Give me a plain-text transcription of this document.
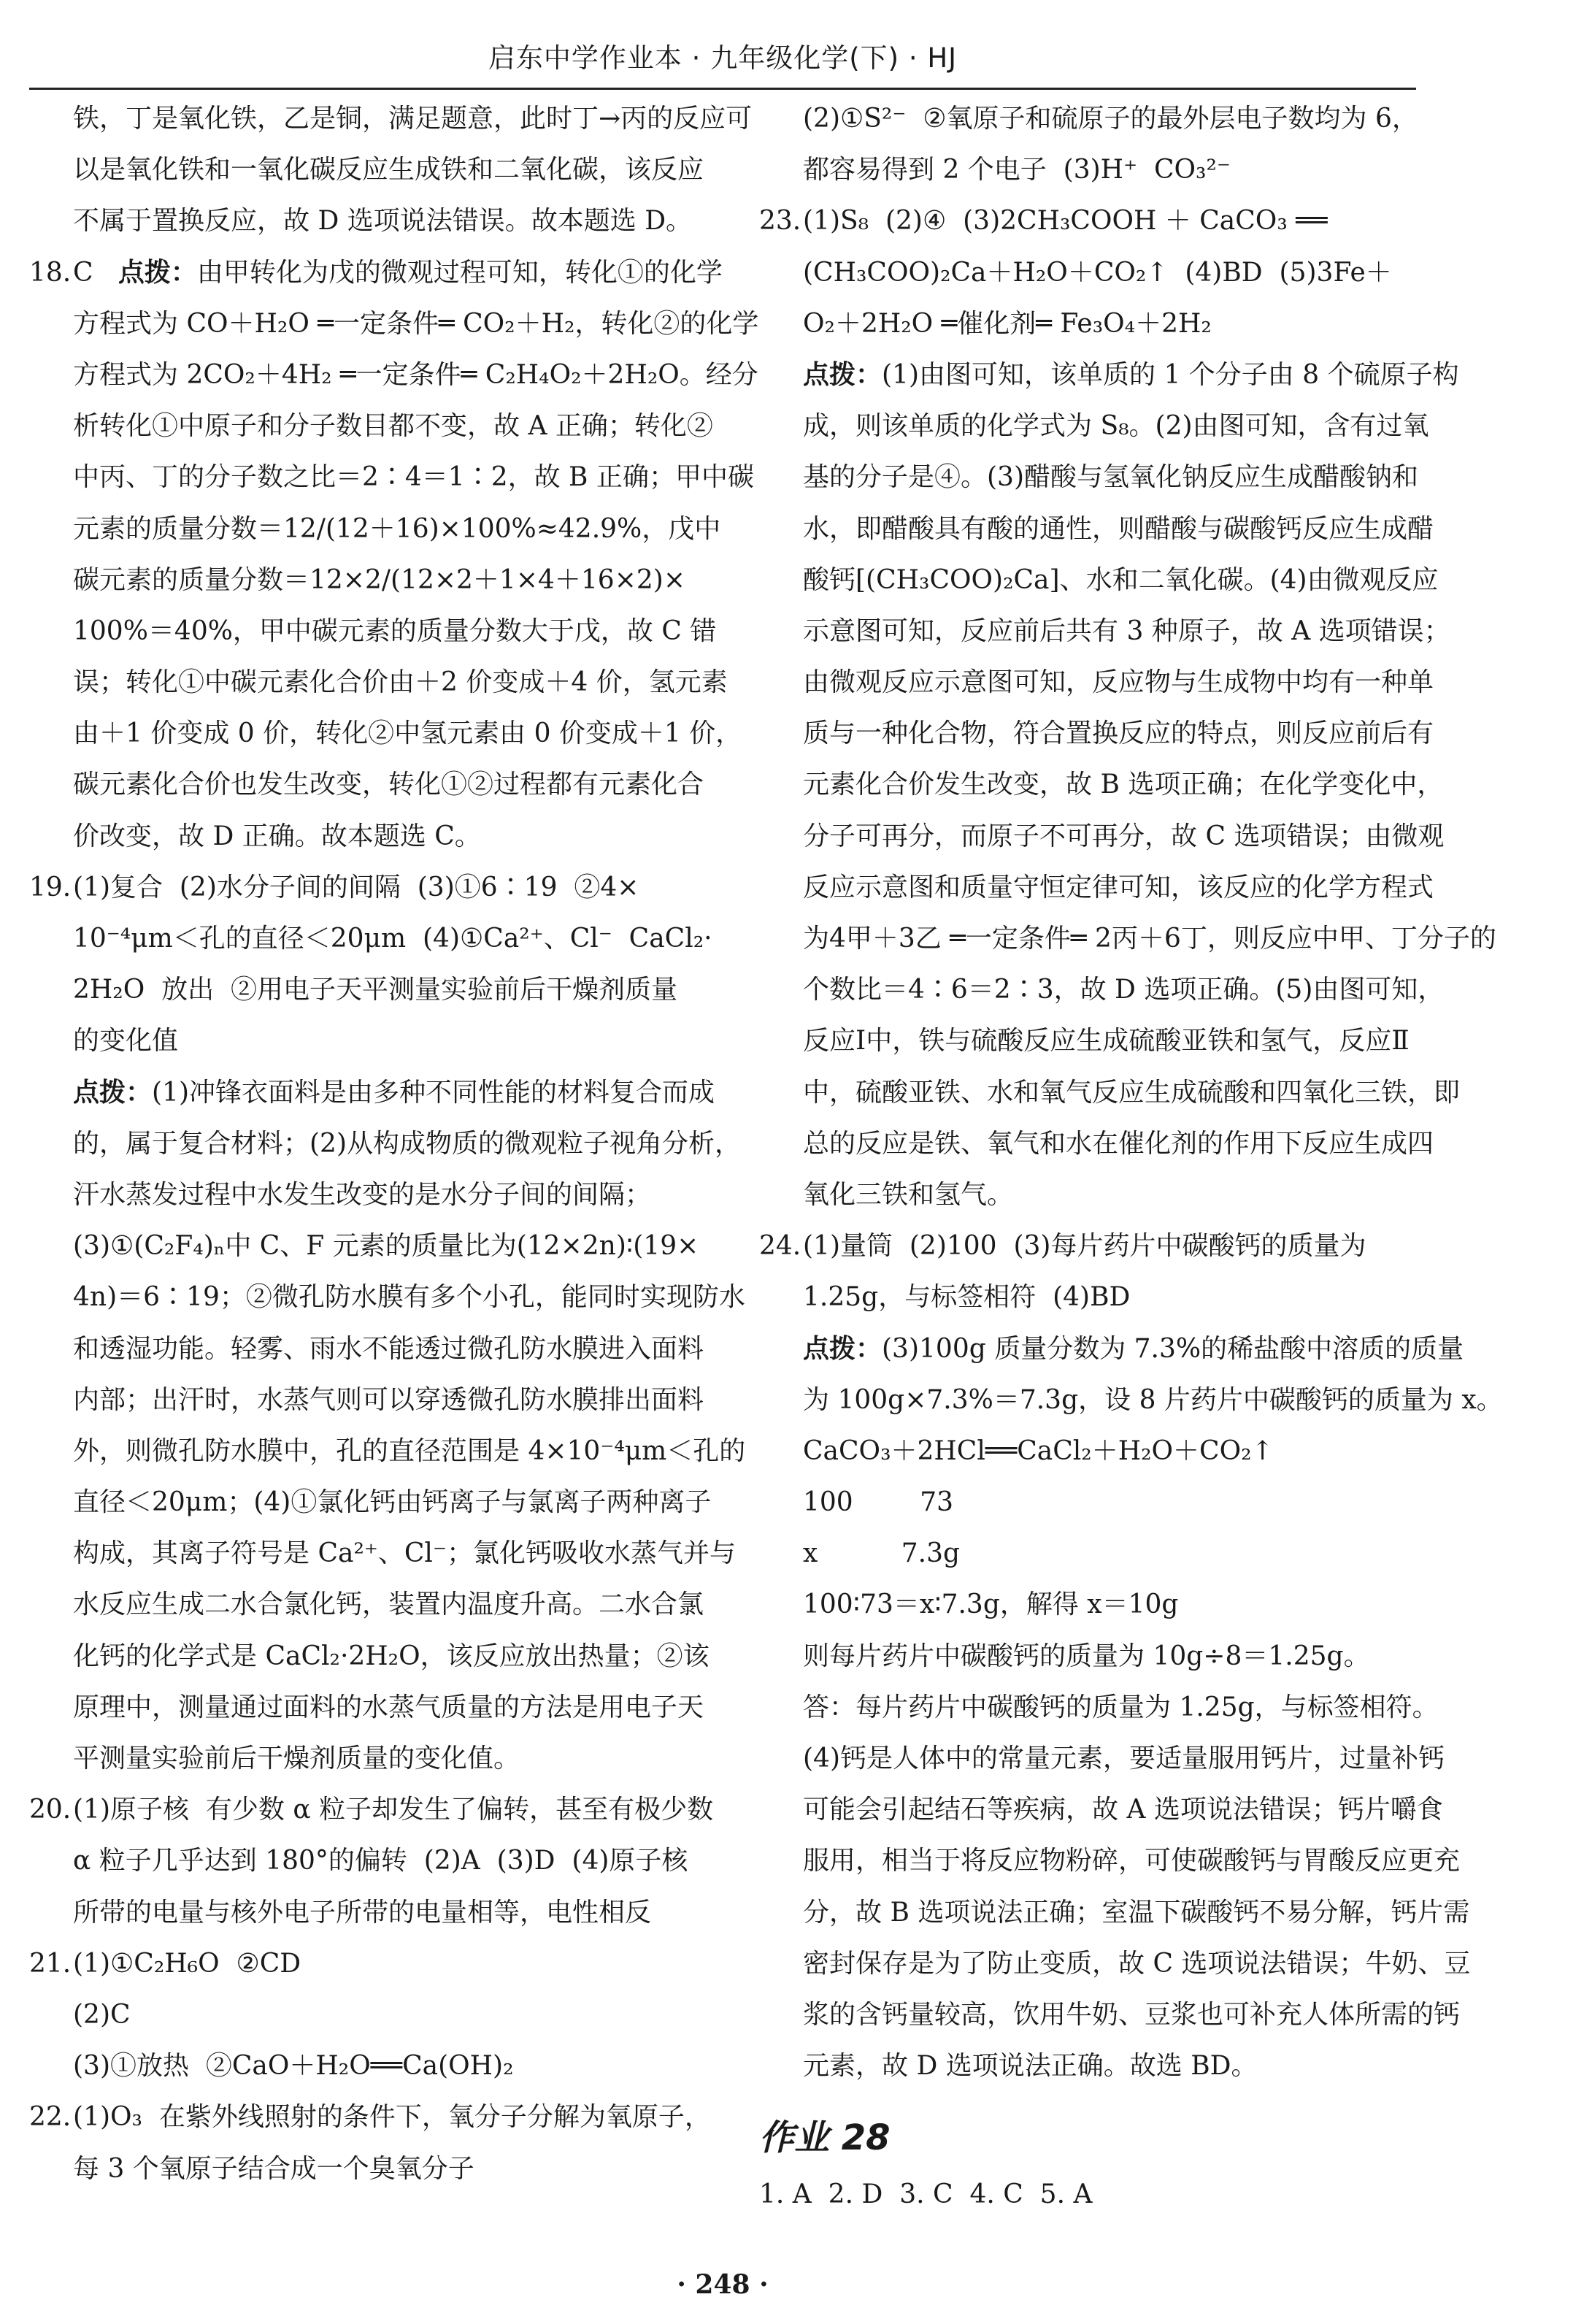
启东中学作业本 · 九年级化学(下) · HJ
铁，丁是氧化铁，乙是铜，满足题意，此时丁→丙的反应可
以是氧化铁和一氧化碳反应生成铁和二氧化碳，该反应
不属于置换反应，故 D 选项说法错误。故本题选 D。
18.C   点拨：由甲转化为戊的微观过程可知，转化①的化学
方程式为 CO＋H₂O ═一定条件═ CO₂＋H₂，转化②的化学
方程式为 2CO₂＋4H₂ ═一定条件═ C₂H₄O₂＋2H₂O。经分
析转化①中原子和分子数目都不变，故 A 正确；转化②
中丙、丁的分子数之比＝2∶4＝1∶2，故 B 正确；甲中碳
元素的质量分数＝12/(12＋16)×100%≈42.9%，戊中
碳元素的质量分数＝12×2/(12×2＋1×4＋16×2)×
100%＝40%，甲中碳元素的质量分数大于戊，故 C 错
误；转化①中碳元素化合价由＋2 价变成＋4 价，氢元素
由＋1 价变成 0 价，转化②中氢元素由 0 价变成＋1 价，
碳元素化合价也发生改变，转化①②过程都有元素化合
价改变，故 D 正确。故本题选 C。
19.(1)复合  (2)水分子间的间隔  (3)①6∶19  ②4×
10⁻⁴μm＜孔的直径＜20μm  (4)①Ca²⁺、Cl⁻  CaCl₂·
2H₂O  放出  ②用电子天平测量实验前后干燥剂质量
的变化值
点拨：(1)冲锋衣面料是由多种不同性能的材料复合而成
的，属于复合材料；(2)从构成物质的微观粒子视角分析，
汗水蒸发过程中水发生改变的是水分子间的间隔；
(3)①(C₂F₄)ₙ中 C、F 元素的质量比为(12×2n)∶(19×
4n)＝6∶19；②微孔防水膜有多个小孔，能同时实现防水
和透湿功能。轻雾、雨水不能透过微孔防水膜进入面料
内部；出汗时，水蒸气则可以穿透微孔防水膜排出面料
外，则微孔防水膜中，孔的直径范围是 4×10⁻⁴μm＜孔的
直径＜20μm；(4)①氯化钙由钙离子与氯离子两种离子
构成，其离子符号是 Ca²⁺、Cl⁻；氯化钙吸收水蒸气并与
水反应生成二水合氯化钙，装置内温度升高。二水合氯
化钙的化学式是 CaCl₂·2H₂O，该反应放出热量；②该
原理中，测量通过面料的水蒸气质量的方法是用电子天
平测量实验前后干燥剂质量的变化值。
20.(1)原子核  有少数 α 粒子却发生了偏转，甚至有极少数
α 粒子几乎达到 180°的偏转  (2)A  (3)D  (4)原子核
所带的电量与核外电子所带的电量相等，电性相反
21.(1)①C₂H₆O  ②CD
(2)C
(3)①放热  ②CaO＋H₂O══Ca(OH)₂
22.(1)O₃  在紫外线照射的条件下，氧分子分解为氧原子，
每 3 个氧原子结合成一个臭氧分子
(2)①S²⁻  ②氧原子和硫原子的最外层电子数均为 6，
都容易得到 2 个电子  (3)H⁺  CO₃²⁻
23.(1)S₈  (2)④  (3)2CH₃COOH ＋ CaCO₃ ══
(CH₃COO)₂Ca＋H₂O＋CO₂↑  (4)BD  (5)3Fe＋
O₂＋2H₂O ═催化剂═ Fe₃O₄＋2H₂
点拨：(1)由图可知，该单质的 1 个分子由 8 个硫原子构
成，则该单质的化学式为 S₈。(2)由图可知，含有过氧
基的分子是④。(3)醋酸与氢氧化钠反应生成醋酸钠和
水，即醋酸具有酸的通性，则醋酸与碳酸钙反应生成醋
酸钙[(CH₃COO)₂Ca]、水和二氧化碳。(4)由微观反应
示意图可知，反应前后共有 3 种原子，故 A 选项错误；
由微观反应示意图可知，反应物与生成物中均有一种单
质与一种化合物，符合置换反应的特点，则反应前后有
元素化合价发生改变，故 B 选项正确；在化学变化中，
分子可再分，而原子不可再分，故 C 选项错误；由微观
反应示意图和质量守恒定律可知，该反应的化学方程式
为4甲＋3乙 ═一定条件═ 2丙＋6丁，则反应中甲、丁分子的
个数比＝4∶6＝2∶3，故 D 选项正确。(5)由图可知，
反应Ⅰ中，铁与硫酸反应生成硫酸亚铁和氢气，反应Ⅱ
中，硫酸亚铁、水和氧气反应生成硫酸和四氧化三铁，即
总的反应是铁、氧气和水在催化剂的作用下反应生成四
氧化三铁和氢气。
24.(1)量筒  (2)100  (3)每片药片中碳酸钙的质量为
1.25g，与标签相符  (4)BD
点拨：(3)100g 质量分数为 7.3%的稀盐酸中溶质的质量
为 100g×7.3%＝7.3g，设 8 片药片中碳酸钙的质量为 x。
CaCO₃＋2HCl══CaCl₂＋H₂O＋CO₂↑
100        73
x          7.3g
100∶73＝x∶7.3g，解得 x＝10g
则每片药片中碳酸钙的质量为 10g÷8＝1.25g。
答：每片药片中碳酸钙的质量为 1.25g，与标签相符。
(4)钙是人体中的常量元素，要适量服用钙片，过量补钙
可能会引起结石等疾病，故 A 选项说法错误；钙片嚼食
服用，相当于将反应物粉碎，可使碳酸钙与胃酸反应更充
分，故 B 选项说法正确；室温下碳酸钙不易分解，钙片需
密封保存是为了防止变质，故 C 选项说法错误；牛奶、豆
浆的含钙量较高，饮用牛奶、豆浆也可补充人体所需的钙
元素，故 D 选项说法正确。故选 BD。
作业 28
1. A  2. D  3. C  4. C  5. A
· 248 ·
